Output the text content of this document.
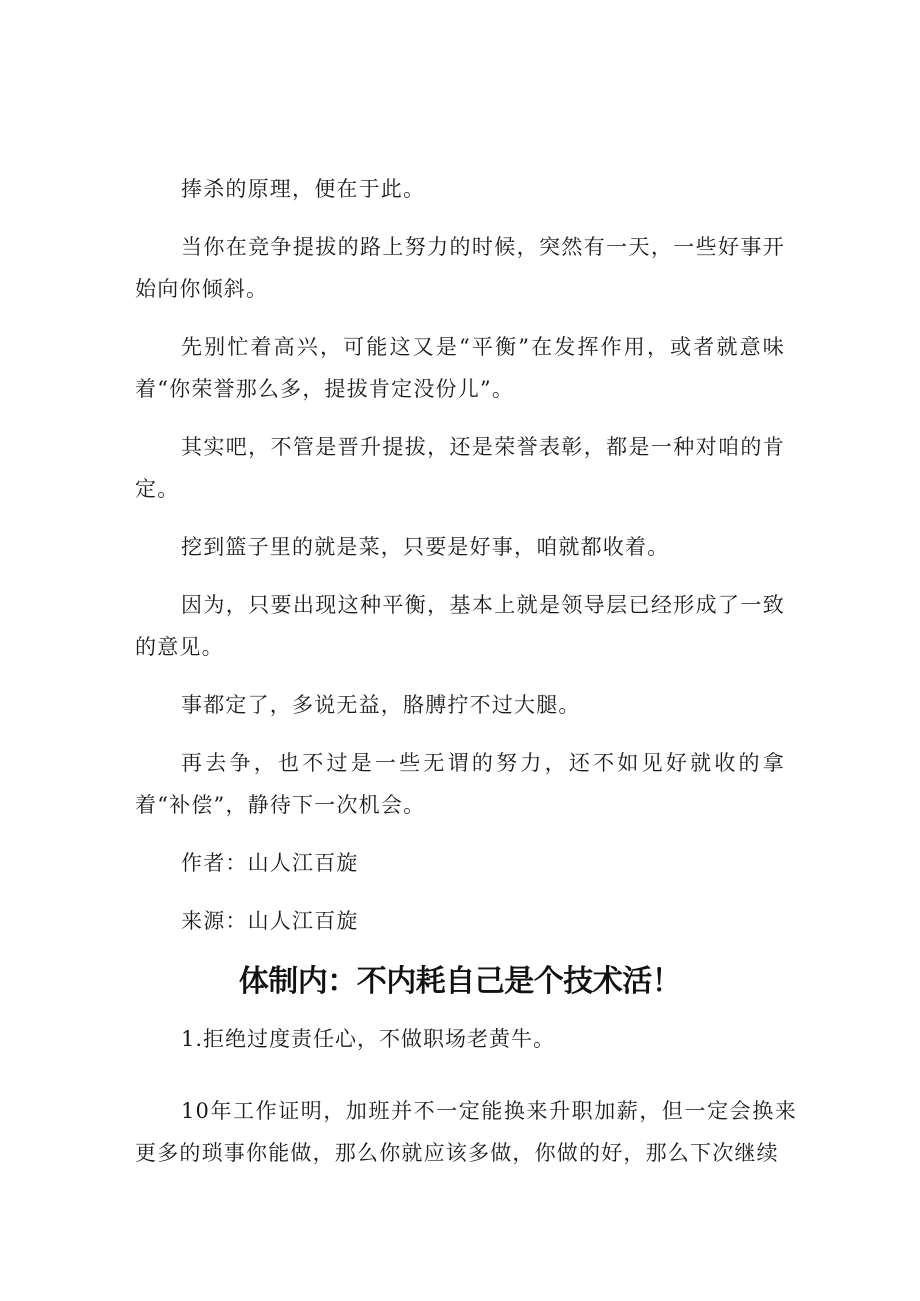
捧杀的原理，便在于此。

当你在竞争提拔的路上努力的时候，突然有一天，一些好事开始向你倾斜。

先别忙着高兴，可能这又是“平衡”在发挥作用，或者就意味着“你荣誉那么多，提拔肯定没份儿”。

其实吧，不管是晋升提拔，还是荣誉表彰，都是一种对咱的肯定。

挖到篮子里的就是菜，只要是好事，咱就都收着。

因为，只要出现这种平衡，基本上就是领导层已经形成了一致的意见。

事都定了，多说无益，胳膊拧不过大腿。

再去争，也不过是一些无谓的努力，还不如见好就收的拿着“补偿”，静待下一次机会。

作者：山人江百旋

来源：山人江百旋

体制内：不内耗自己是个技术活！

1.拒绝过度责任心，不做职场老黄牛。

10年工作证明，加班并不一定能换来升职加薪，但一定会换来更多的琐事你能做，那么你就应该多做，你做的好，那么下次继续
